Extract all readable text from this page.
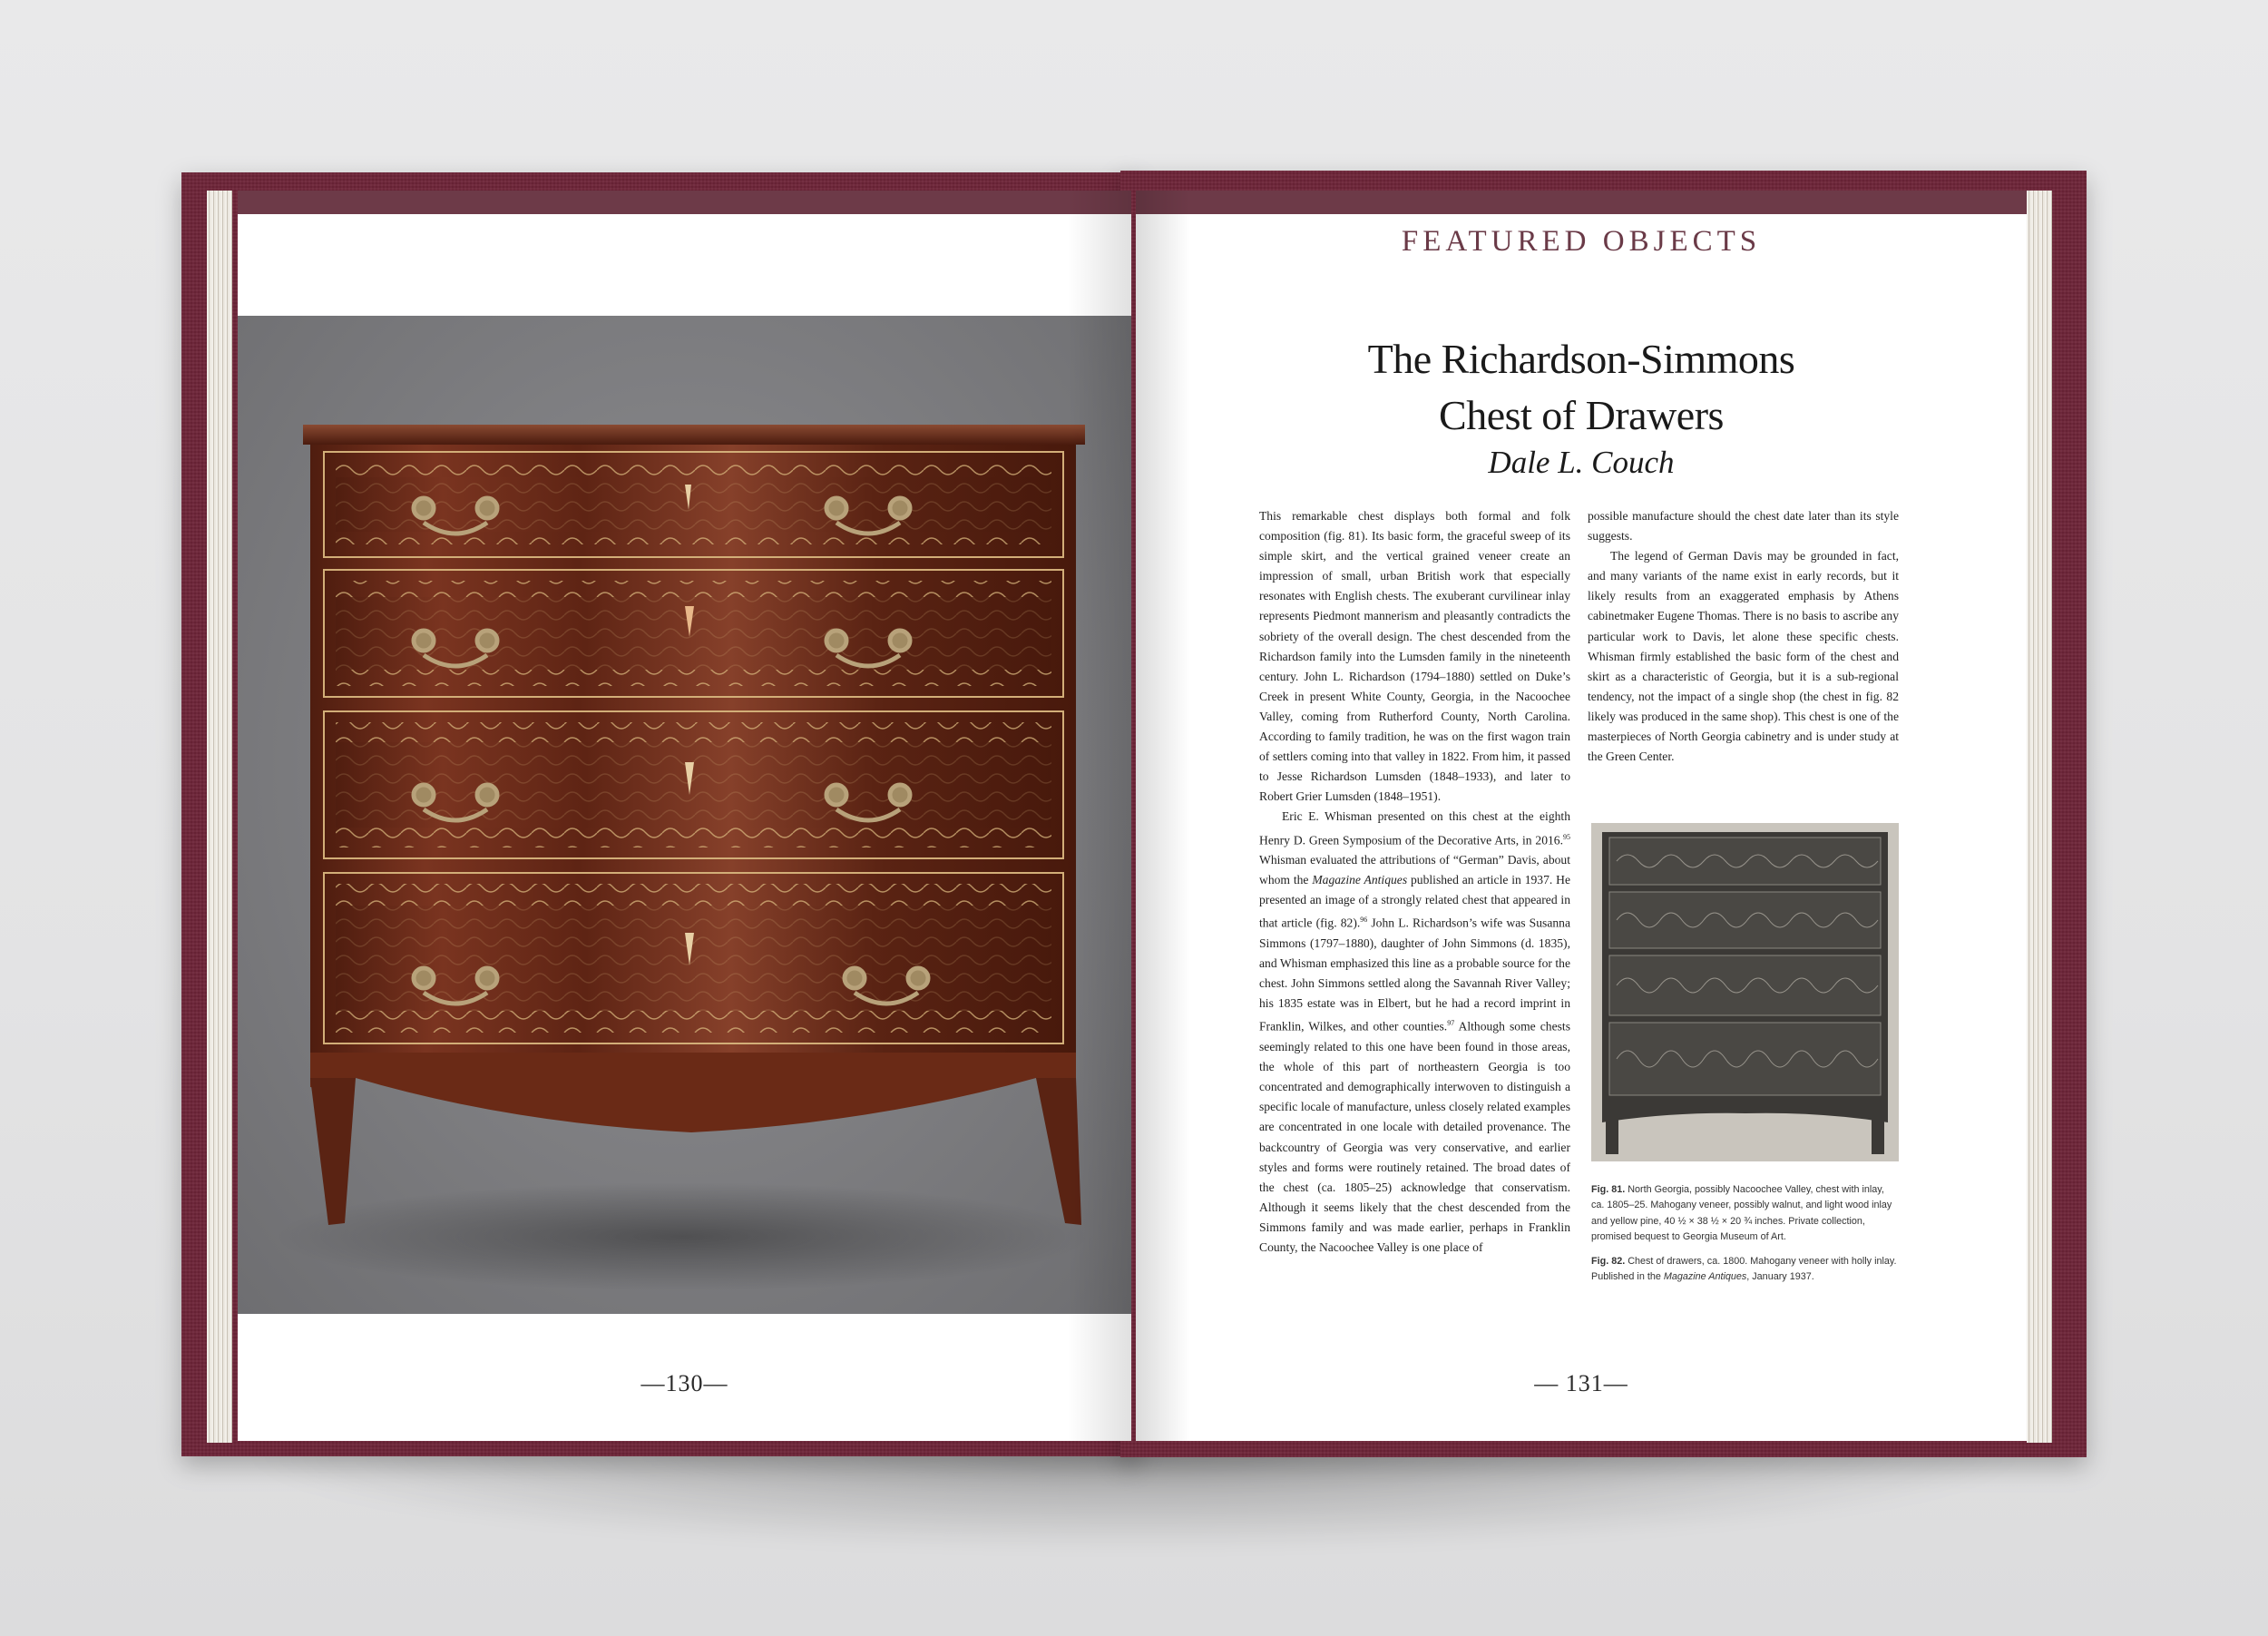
—130—
FEATURED OBJECTS
The Richardson-Simmons
Chest of Drawers
Dale L. Couch

This remarkable chest displays both formal and folk composition (fig. 81). Its basic form, the graceful sweep of its simple skirt, and the vertical grained veneer create an impression of small, urban British work that especially resonates with English chests. The exuberant curvilinear inlay represents Piedmont mannerism and pleasantly contradicts the sobriety of the overall design. The chest descended from the Richardson family into the Lumsden family in the nineteenth century. John L. Richardson (1794–1880) settled on Duke’s Creek in present White County, Georgia, in the Nacoochee Valley, coming from Rutherford County, North Carolina. According to family tradition, he was on the first wagon train of settlers coming into that valley in 1822. From him, it passed to Jesse Richardson Lumsden (1848–1933), and later to Robert Grier Lumsden (1848–1951).

Eric E. Whisman presented on this chest at the eighth Henry D. Green Symposium of the Decorative Arts, in 2016.95 Whisman evaluated the attributions of “German” Davis, about whom the Magazine Antiques published an article in 1937. He presented an image of a strongly related chest that appeared in that article (fig. 82).$^{96}$ John L. Richardson’s wife was Susanna Simmons (1797–1880), daughter of John Simmons (d. 1835), and Whisman emphasized this line as a probable source for the chest. John Simmons settled along the Savannah River Valley; his 1835 estate was in Elbert, but he had a record imprint in Franklin, Wilkes, and other counties.$^{97}$ Although some chests seemingly related to this one have been found in those areas, the whole of this part of northeastern Georgia is too concentrated and demographically interwoven to distinguish a specific locale of manufacture, unless closely related examples are concentrated in one locale with detailed provenance. The backcountry of Georgia was very conservative, and earlier styles and forms were routinely retained. The broad dates of the chest (ca. 1805–25) acknowledge that conservatism. Although it seems likely that the chest descended from the Simmons family and was made earlier, perhaps in Franklin County, the Nacoochee Valley is one place of

possible manufacture should the chest date later than its style suggests.

The legend of German Davis may be grounded in fact, and many variants of the name exist in early records, but it likely results from an exaggerated emphasis by Athens cabinetmaker Eugene Thomas. There is no basis to ascribe any particular work to Davis, let alone these specific chests. Whisman firmly established the basic form of the chest and skirt as a characteristic of Georgia, but it is a sub-regional tendency, not the impact of a single shop (the chest in fig. 82 likely was produced in the same shop). This chest is one of the masterpieces of North Georgia cabinetry and is under study at the Green Center.

Fig. 81. North Georgia, possibly Nacoochee Valley, chest with inlay, ca. 1805–25. Mahogany veneer, possibly walnut, and light wood inlay and yellow pine, 40 ½ × 38 ½ × 20 ¾ inches. Private collection, promised bequest to Georgia Museum of Art.
Fig. 82. Chest of drawers, ca. 1800. Mahogany veneer with holly inlay. Published in the Magazine Antiques, January 1937.
— 131—
